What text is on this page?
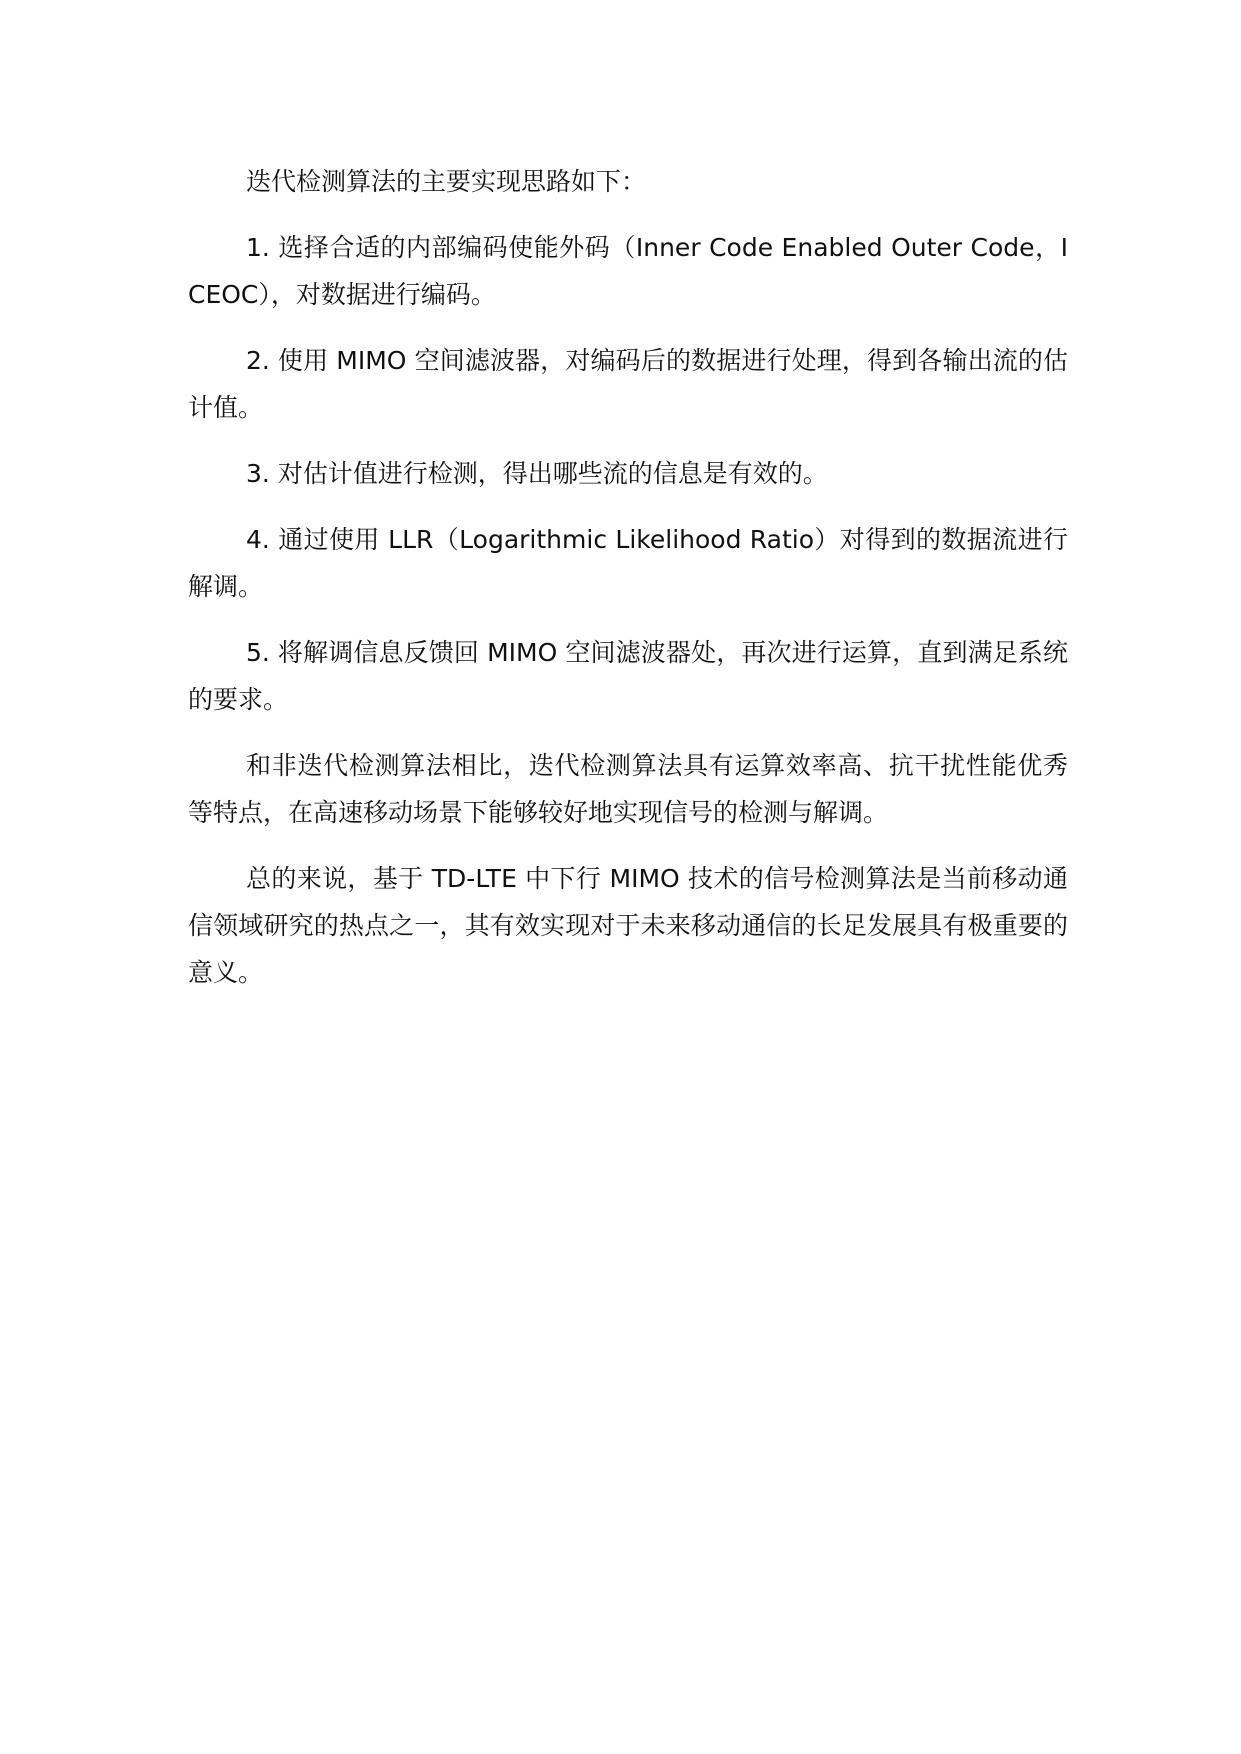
迭代检测算法的主要实现思路如下：

1. 选择合适的内部编码使能外码（Inner Code Enabled Outer Code，ICEOC），对数据进行编码。

2. 使用 MIMO 空间滤波器，对编码后的数据进行处理，得到各输出流的估计值。

3. 对估计值进行检测，得出哪些流的信息是有效的。

4. 通过使用 LLR（Logarithmic Likelihood Ratio）对得到的数据流进行解调。

5. 将解调信息反馈回 MIMO 空间滤波器处，再次进行运算，直到满足系统的要求。

和非迭代检测算法相比，迭代检测算法具有运算效率高、抗干扰性能优秀等特点，在高速移动场景下能够较好地实现信号的检测与解调。

总的来说，基于 TD-LTE 中下行 MIMO 技术的信号检测算法是当前移动通信领域研究的热点之一，其有效实现对于未来移动通信的长足发展具有极重要的意义。
